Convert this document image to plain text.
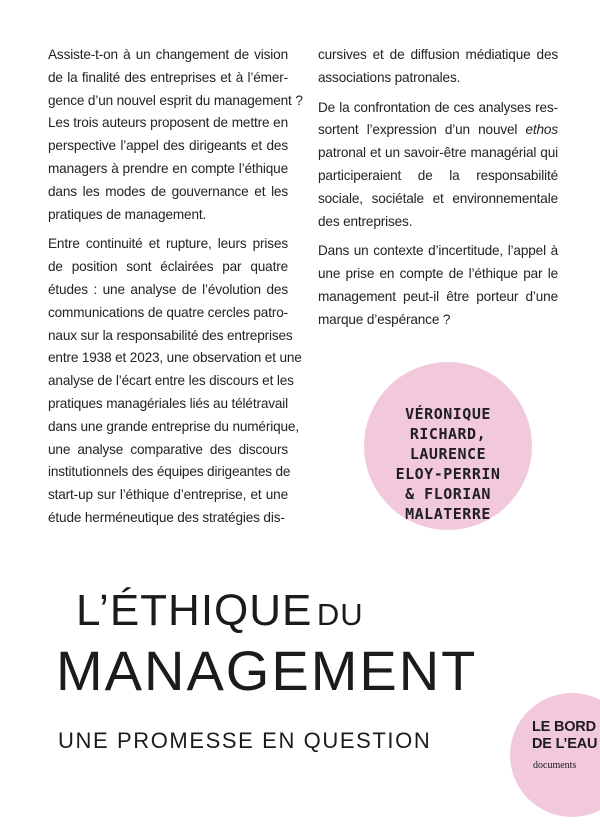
Assiste-t-on à un changement de vision
de la finalité des entreprises et à l’émer-
gence d’un nouvel esprit du management ?
Les trois auteurs proposent de mettre en
perspective l’appel des dirigeants et des
managers à prendre en compte l’éthique
dans les modes de gouvernance et les
pratiques de management.

Entre continuité et rupture, leurs prises
de position sont éclairées par quatre
études : une analyse de l’évolution des
communications de quatre cercles patro-
naux sur la responsabilité des entreprises
entre 1938 et 2023, une observation et une
analyse de l’écart entre les discours et les
pratiques managériales liés au télétravail
dans une grande entreprise du numérique,
une analyse comparative des discours
institutionnels des équipes dirigeantes de
start-up sur l’éthique d’entreprise, et une
étude herméneutique des stratégies dis-

cursives et de diffusion médiatique des
associations patronales.

De la confrontation de ces analyses res-
sortent l’expression d’un nouvel ethos
patronal et un savoir-être managérial qui
participeraient de la responsabilité
sociale, sociétale et environnementale
des entreprises.

Dans un contexte d’incertitude, l’appel à
une prise en compte de l’éthique par le
management peut-il être porteur d’une
marque d’espérance ?

VÉRONIQUE
RICHARD,
LAURENCE
ELOY-PERRIN
& FLORIAN
MALATERRE
L’ÉTHIQUE DU
MANAGEMENT
UNE PROMESSE EN QUESTION
LE BORD
DE L’EAU
documents
